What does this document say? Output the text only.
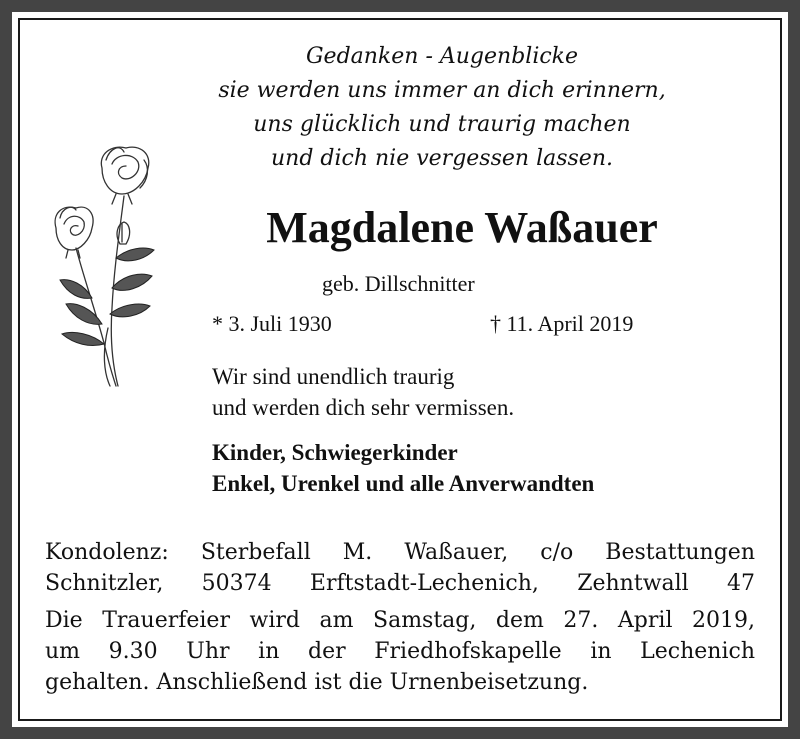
Gedanken - Augenblicke
sie werden uns immer an dich erinnern,
uns glücklich und traurig machen
und dich nie vergessen lassen.
Magdalene Waßauer
geb. Dillschnitter
* 3. Juli 1930	† 11. April 2019
Wir sind unendlich traurig
und werden dich sehr vermissen.
Kinder, Schwiegerkinder
Enkel, Urenkel und alle Anverwandten
Kondolenz: Sterbefall M. Waßauer, c/o Bestattungen
Schnitzler, 50374 Erftstadt-Lechenich, Zehntwall 47
Die Trauerfeier wird am Samstag, dem 27. April 2019,
um 9.30 Uhr in der Friedhofskapelle in Lechenich
gehalten. Anschließend ist die Urnenbeisetzung.
